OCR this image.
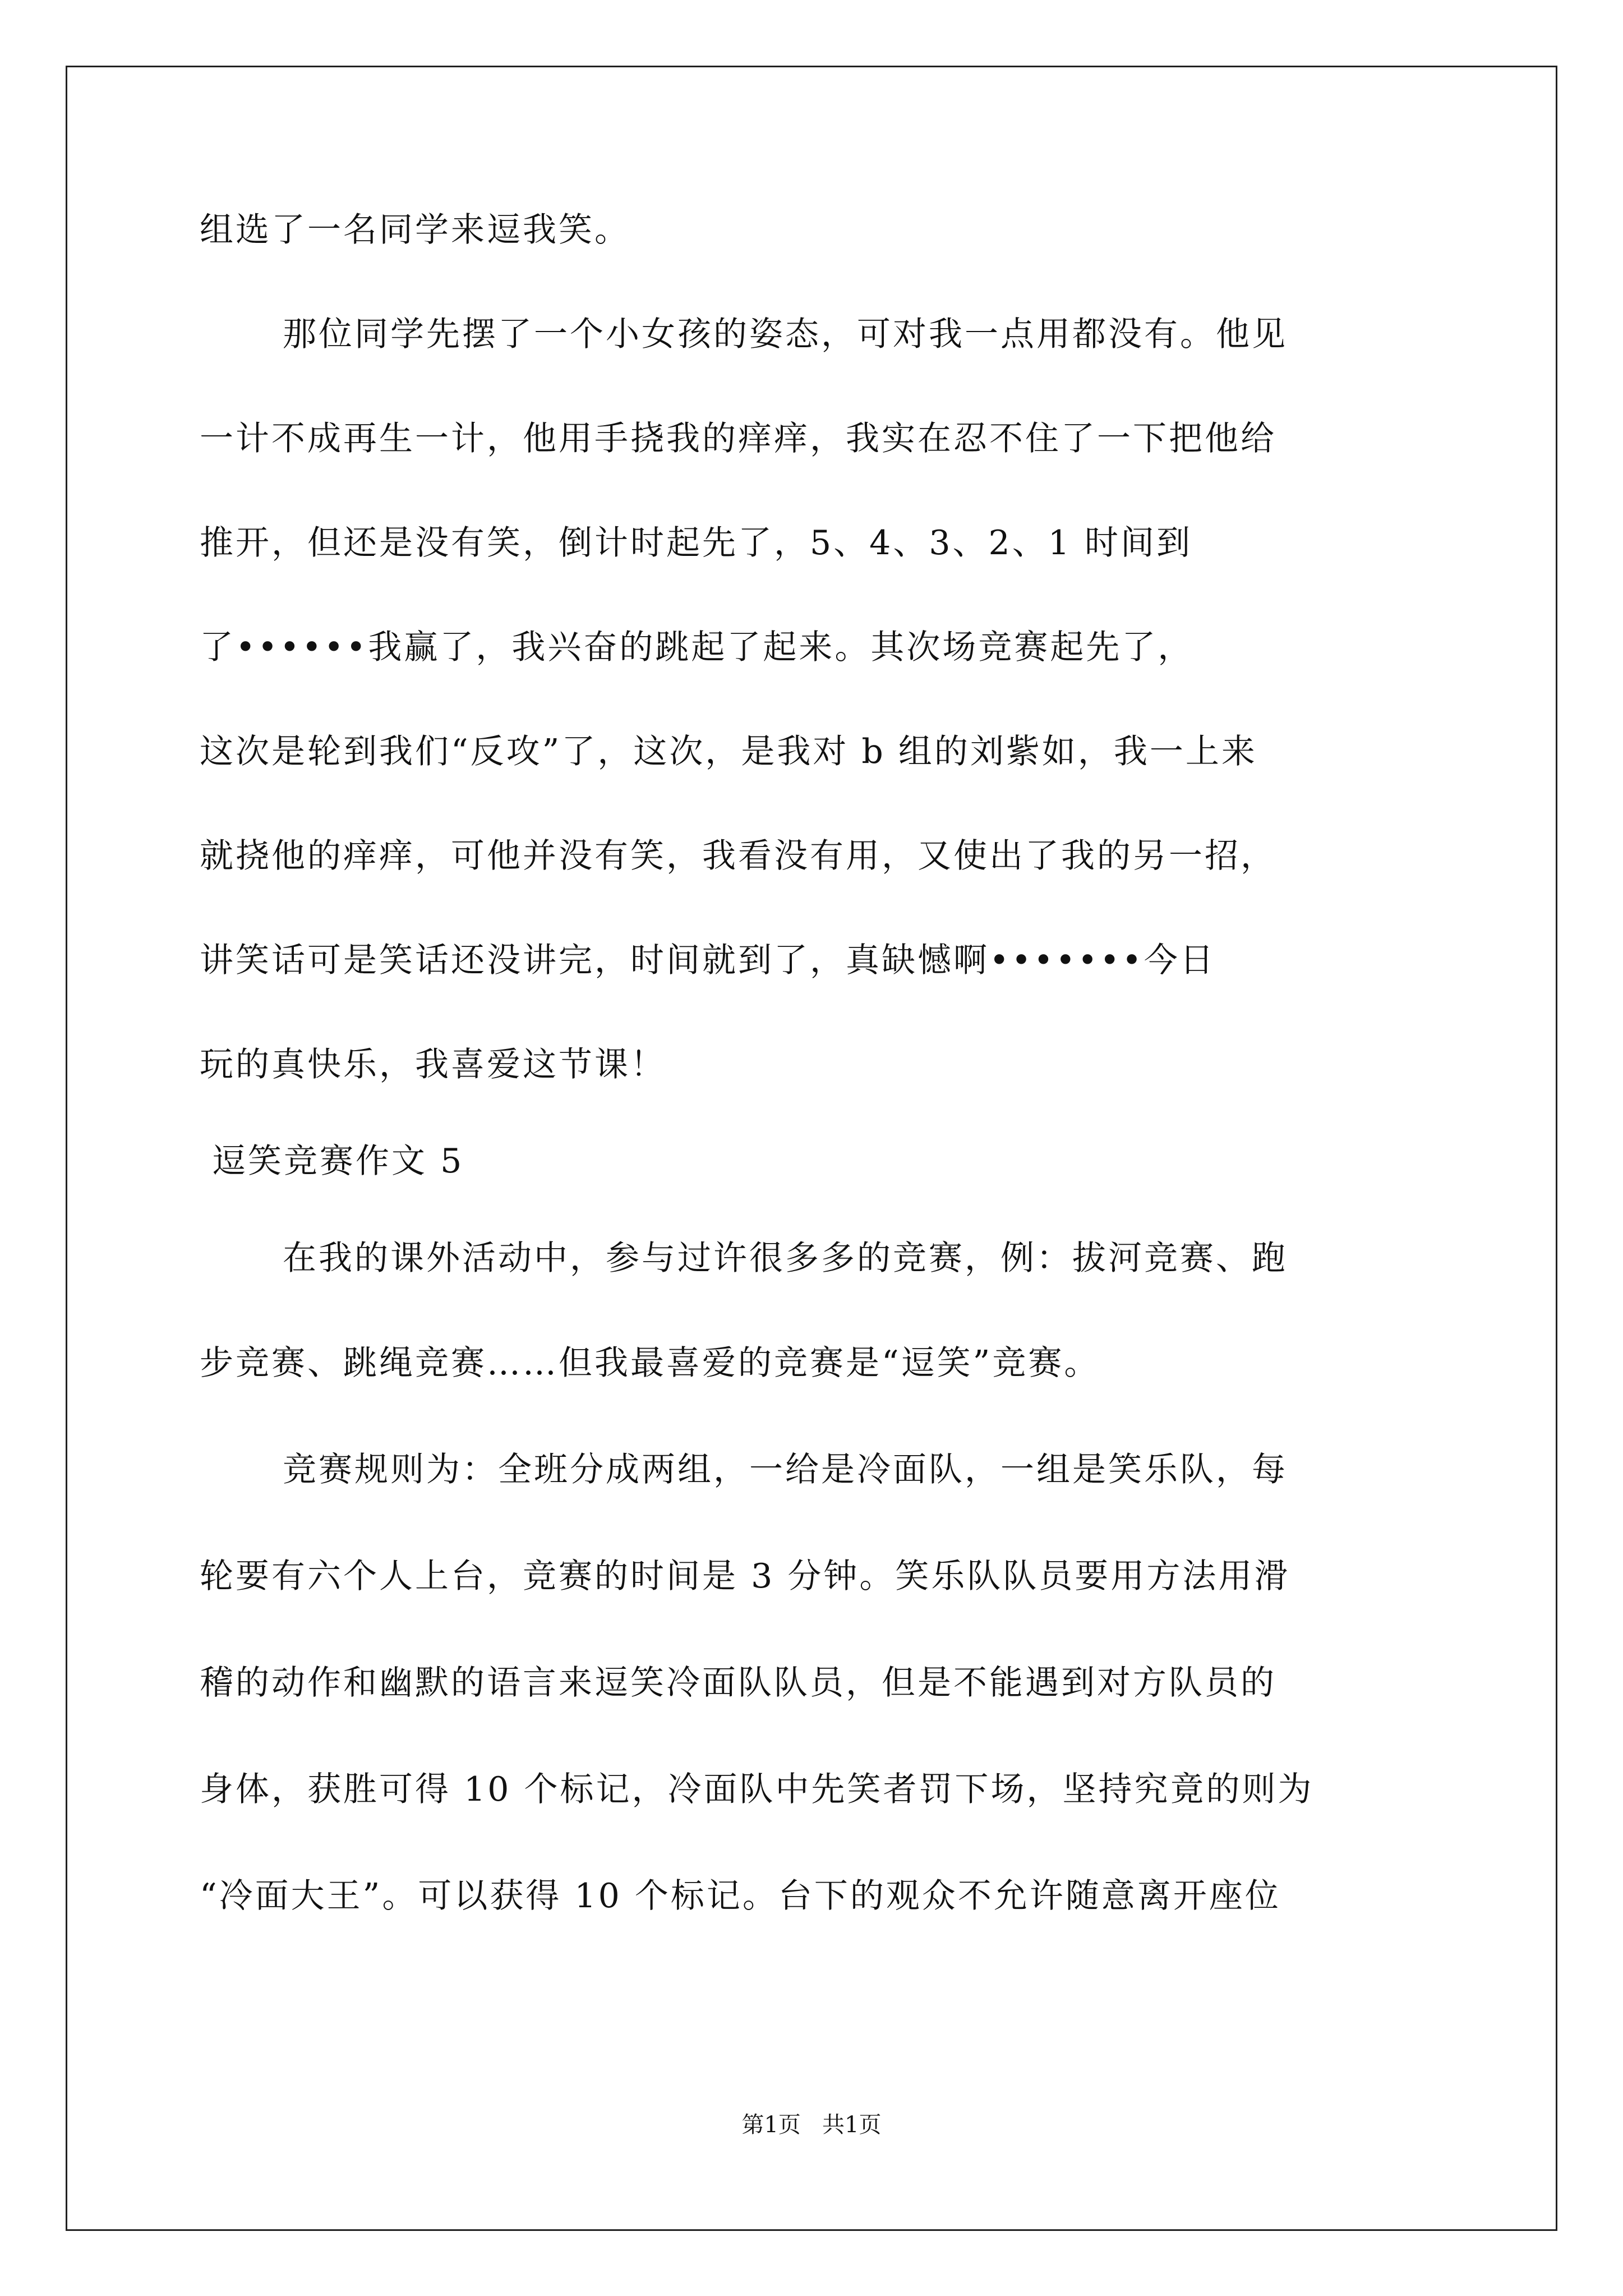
组选了一名同学来逗我笑。
那位同学先摆了一个小女孩的姿态，可对我一点用都没有。他见
一计不成再生一计，他用手挠我的痒痒，我实在忍不住了一下把他给
推开，但还是没有笑，倒计时起先了，5、4、3、2、1 时间到
了••••••我赢了，我兴奋的跳起了起来。其次场竞赛起先了，
这次是轮到我们“反攻”了，这次，是我对 b 组的刘紫如，我一上来
就挠他的痒痒，可他并没有笑，我看没有用，又使出了我的另一招，
讲笑话可是笑话还没讲完，时间就到了，真缺憾啊•••••••今日
玩的真快乐，我喜爱这节课！
逗笑竞赛作文 5
在我的课外活动中，参与过许很多多的竞赛，例：拔河竞赛、跑
步竞赛、跳绳竞赛……但我最喜爱的竞赛是“逗笑”竞赛。
竞赛规则为：全班分成两组，一给是冷面队，一组是笑乐队，每
轮要有六个人上台，竞赛的时间是 3 分钟。笑乐队队员要用方法用滑
稽的动作和幽默的语言来逗笑冷面队队员，但是不能遇到对方队员的
身体，获胜可得 10 个标记，冷面队中先笑者罚下场，坚持究竟的则为
“冷面大王”。可以获得 10 个标记。台下的观众不允许随意离开座位
第1页   共1页
